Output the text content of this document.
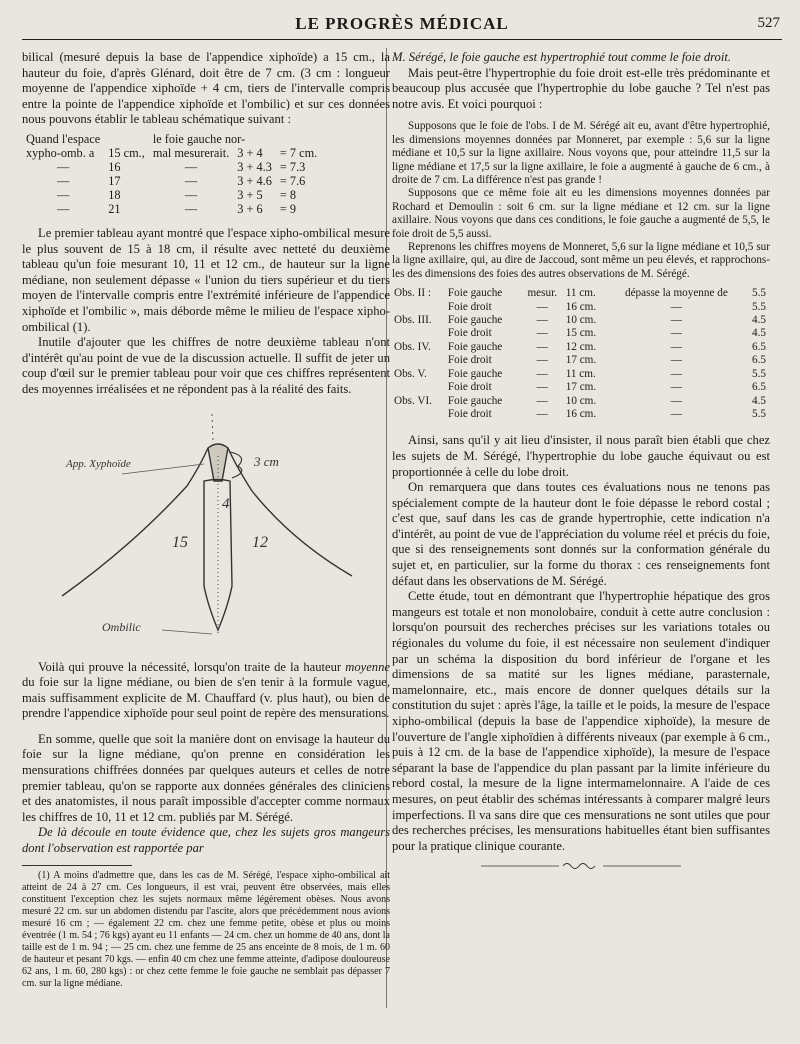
LE PROGRÈS MÉDICAL	527

bilical (mesuré depuis la base de l'appendice xiphoïde) a 15 cm., la hauteur du foie, d'après Glénard, doit être de 7 cm. (3 cm : longueur moyenne de l'appendice xiphoïde + 4 cm, tiers de l'intervalle compris entre la pointe de l'appendice xiphoïde et l'ombilic) et sur ces données nous pouvons établir le tableau schématique suivant :

Quand l'espace		le foie gauche nor-		
xypho-omb. a	15 cm.,	mal mesurerait.	3 + 4	= 7 cm.
—	16	—	3 + 4.3	= 7.3
—	17	—	3 + 4.6	= 7.6
—	18	—	3 + 5	= 8
—	21	—	3 + 6	= 9

Le premier tableau ayant montré que l'espace xipho-ombilical mesure le plus souvent de 15 à 18 cm, il résulte avec netteté du deuxième tableau qu'un foie mesurant 10, 11 et 12 cm., de hauteur sur la ligne médiane, non seulement dépasse « l'union du tiers supérieur et du tiers moyen de l'intervalle compris entre l'extrémité inférieure de l'appendice xiphoïde et l'ombilic », mais déborde même le milieu de l'espace xipho-ombilical (1).

Inutile d'ajouter que les chiffres de notre deuxième tableau n'ont d'intérêt qu'au point de vue de la discussion actuelle. Il suffit de jeter un coup d'œil sur le premier tableau pour voir que ces chiffres représentent des moyennes irréalisées et ne répondent pas à la réalité des faits.

App. Xyphoïde	3 cm
4
15	12
Ombilic

Voilà qui prouve la nécessité, lorsqu'on traite de la hauteur moyenne du foie sur la ligne médiane, ou bien de s'en tenir à la formule vague, mais suffisamment explicite de M. Chauffard (v. plus haut), ou bien de prendre l'appendice xiphoïde pour seul point de repère des mensurations.

En somme, quelle que soit la manière dont on envisage la hauteur du foie sur la ligne médiane, qu'on prenne en considération les mensurations chiffrées données par quelques auteurs et celles de notre premier tableau, qu'on se rapporte aux données générales des cliniciens et des anatomistes, il nous paraît impossible d'accepter comme normaux les chiffres de 10, 11 et 12 cm. publiés par M. Sérégé.

De là découle en toute évidence que, chez les sujets gros mangeurs dont l'observation est rapportée par

(1) A moins d'admettre que, dans les cas de M. Sérégé, l'espace xipho-ombilical ait atteint de 24 à 27 cm. Ces longueurs, il est vrai, peuvent être observées, mais elles constituent l'exception chez les sujets normaux même légèrement obèses. Nous avons mesuré 22 cm. sur un abdomen distendu par l'ascite, alors que précédemment nous avions mesuré 16 cm ; — également 22 cm. chez une femme petite, obèse et plus ou moins éventrée (1 m. 54 ; 76 kgs) ayant eu 11 enfants — 24 cm. chez un homme de 40 ans, dont la taille est de 1 m. 94 ; — 25 cm. chez une femme de 25 ans enceinte de 8 mois, de 1 m. 60 de hauteur et pesant 70 kgs. — enfin 40 cm chez une femme atteinte, d'adipose douloureuse 62 ans, 1 m. 60, 280 kgs) : or chez cette femme le foie gauche ne semblait pas dépasser 7 cm. sur la ligne médiane.

M. Sérégé, le foie gauche est hypertrophié tout comme le foie droit.

Mais peut-être l'hypertrophie du foie droit est-elle très prédominante et beaucoup plus accusée que l'hypertrophie du lobe gauche ? Tel n'est pas notre avis. Et voici pourquoi :

Supposons que le foie de l'obs. I de M. Sérégé ait eu, avant d'être hypertrophié, les dimensions moyennes données par Monneret, par exemple : 5,6 sur la ligne médiane et 10,5 sur la ligne axillaire. Nous voyons que, pour atteindre 11,5 sur la ligne médiane et 17,5 sur la ligne axillaire, le foie a augmenté à gauche de 6 cm., à droite de 7 cm. La différence n'est pas grande !

Supposons que ce même foie ait eu les dimensions moyennes données par Rochard et Demoulin : soit 6 cm. sur la ligne médiane et 12 cm. sur la ligne axillaire. Nous voyons que dans ces conditions, le foie gauche a augmenté de 5,5, le foie droit de 5,5 aussi.

Reprenons les chiffres moyens de Monneret, 5,6 sur la ligne médiane et 10,5 sur la ligne axillaire, qui, au dire de Jaccoud, sont même un peu élevés, et rapprochons-les des dimensions des foies des autres observations de M. Sérégé.

Obs. II :	Foie gauche	mesur.	11 cm.	dépasse la moyenne de	5.5
	Foie droit	—	16 cm.	—	5.5
Obs. III.	Foie gauche	—	10 cm.	—	4.5
	Foie droit	—	15 cm.	—	4.5
Obs. IV.	Foie gauche	—	12 cm.	—	6.5
	Foie droit	—	17 cm.	—	6.5
Obs. V.	Foie gauche	—	11 cm.	—	5.5
	Foie droit	—	17 cm.	—	6.5
Obs. VI.	Foie gauche	—	10 cm.	—	4.5
	Foie droit	—	16 cm.	—	5.5

Ainsi, sans qu'il y ait lieu d'insister, il nous paraît bien établi que chez les sujets de M. Sérégé, l'hypertrophie du lobe gauche équivaut ou est proportionnée à celle du lobe droit.

On remarquera que dans toutes ces évaluations nous ne tenons pas spécialement compte de la hauteur dont le foie dépasse le rebord costal ; c'est que, sauf dans les cas de grande hypertrophie, cette indication n'a d'intérêt, au point de vue de l'appréciation du volume réel et précis du foie, que si des renseignements sont donnés sur la conformation générale du sujet et, en particulier, sur la forme du thorax : ces renseignements font défaut dans les observations de M. Sérégé.

Cette étude, tout en démontrant que l'hypertrophie hépatique des gros mangeurs est totale et non monolobaire, conduit à cette autre conclusion : lorsqu'on poursuit des recherches précises sur les variations totales ou régionales du volume du foie, il est nécessaire non seulement d'indiquer par un schéma la disposition du bord inférieur de l'organe et les dimensions de sa matité sur les lignes médiane, parasternale, mamelonnaire, etc., mais encore de donner quelques détails sur la constitution du sujet : après l'âge, la taille et le poids, la mesure de l'espace xipho-ombilical (depuis la base de l'appendice xiphoïde), la mesure de l'ouverture de l'angle xiphoïdien à différents niveaux (par exemple à 6 cm., puis à 12 cm. de la base de l'appendice xiphoïde), la mesure de l'espace séparant la base de l'appendice du plan passant par la limite inférieure du rebord costal, la mesure de la ligne intermamelonnaire. A l'aide de ces mesures, on peut établir des schémas intéressants à comparer malgré leurs imperfections. Il va sans dire que ces mensurations ne sont utiles que pour des recherches précises, les mensurations habituelles étant bien suffisantes pour la pratique clinique courante.
